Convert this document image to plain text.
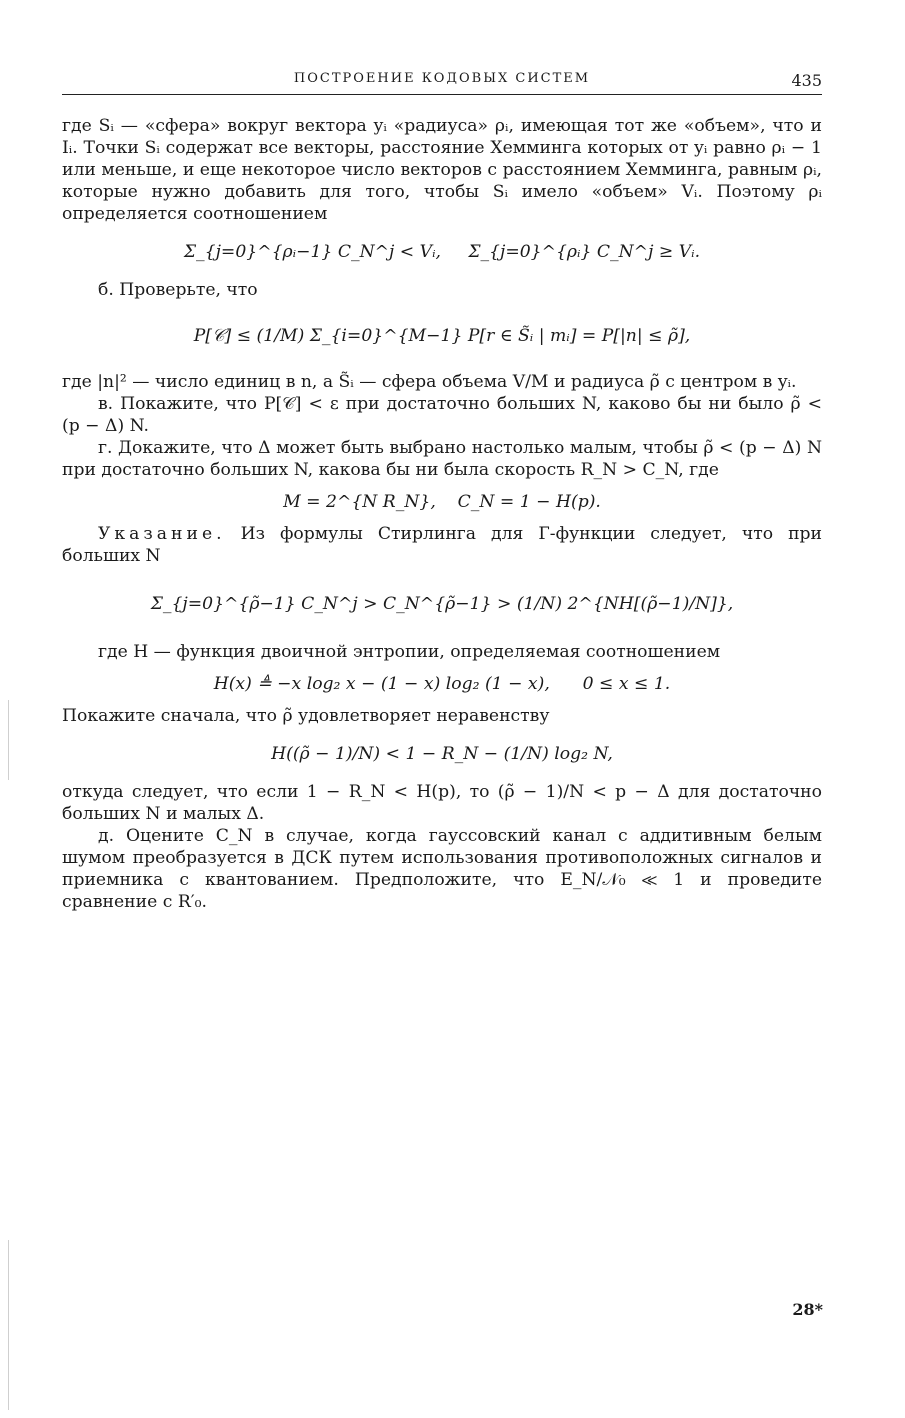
ПОСТРОЕНИЕ КОДОВЫХ СИСТЕМ	435

где Sᵢ — «сфера» вокруг вектора yᵢ «радиуса» ρᵢ, имеющая тот же «объем», что и Iᵢ. Точки Sᵢ содержат все векторы, расстояние Хемминга которых от yᵢ равно ρᵢ − 1 или меньше, и еще некоторое число векторов с расстоянием Хемминга, равным ρᵢ, которые нужно добавить для того, чтобы Sᵢ имело «объем» Vᵢ. Поэтому ρᵢ определяется соотношением

Σ_{j=0}^{ρᵢ−1} C_N^j < Vᵢ,     Σ_{j=0}^{ρᵢ} C_N^j ≥ Vᵢ.

б. Проверьте, что

P[𝒞] ≤ (1/M) Σ_{i=0}^{M−1} P[r ∈ S̃ᵢ | mᵢ] = P[|n| ≤ ρ̃],

где |n|² — число единиц в n, а S̃ᵢ — сфера объема V/M и радиуса ρ̃ с центром в yᵢ.

в. Покажите, что P[𝒞] < ε при достаточно больших N, каково бы ни было ρ̃ < (p − Δ) N.

г. Докажите, что Δ может быть выбрано настолько малым, чтобы ρ̃ < (p − Δ) N при достаточно больших N, какова бы ни была скорость R_N > C_N, где

M = 2^{N R_N},    C_N = 1 − H(p).

Указание. Из формулы Стирлинга для Г-функции следует, что при больших N

Σ_{j=0}^{ρ̃−1} C_N^j > C_N^{ρ̃−1} > (1/N) 2^{NH[(ρ̃−1)/N]},

где H — функция двоичной энтропии, определяемая соотношением

H(x) ≜ −x log₂ x − (1 − x) log₂ (1 − x),      0 ≤ x ≤ 1.

Покажите сначала, что ρ̃ удовлетворяет неравенству

H((ρ̃ − 1)/N) < 1 − R_N − (1/N) log₂ N,

откуда следует, что если 1 − R_N < H(p), то (ρ̃ − 1)/N < p − Δ для достаточно больших N и малых Δ.

д. Оцените C_N в случае, когда гауссовский канал с аддитивным белым шумом преобразуется в ДСК путем использования противоположных сигналов и приемника с квантованием. Предположите, что E_N/𝒩₀ ≪ 1 и проведите сравнение с R′₀.

28*
